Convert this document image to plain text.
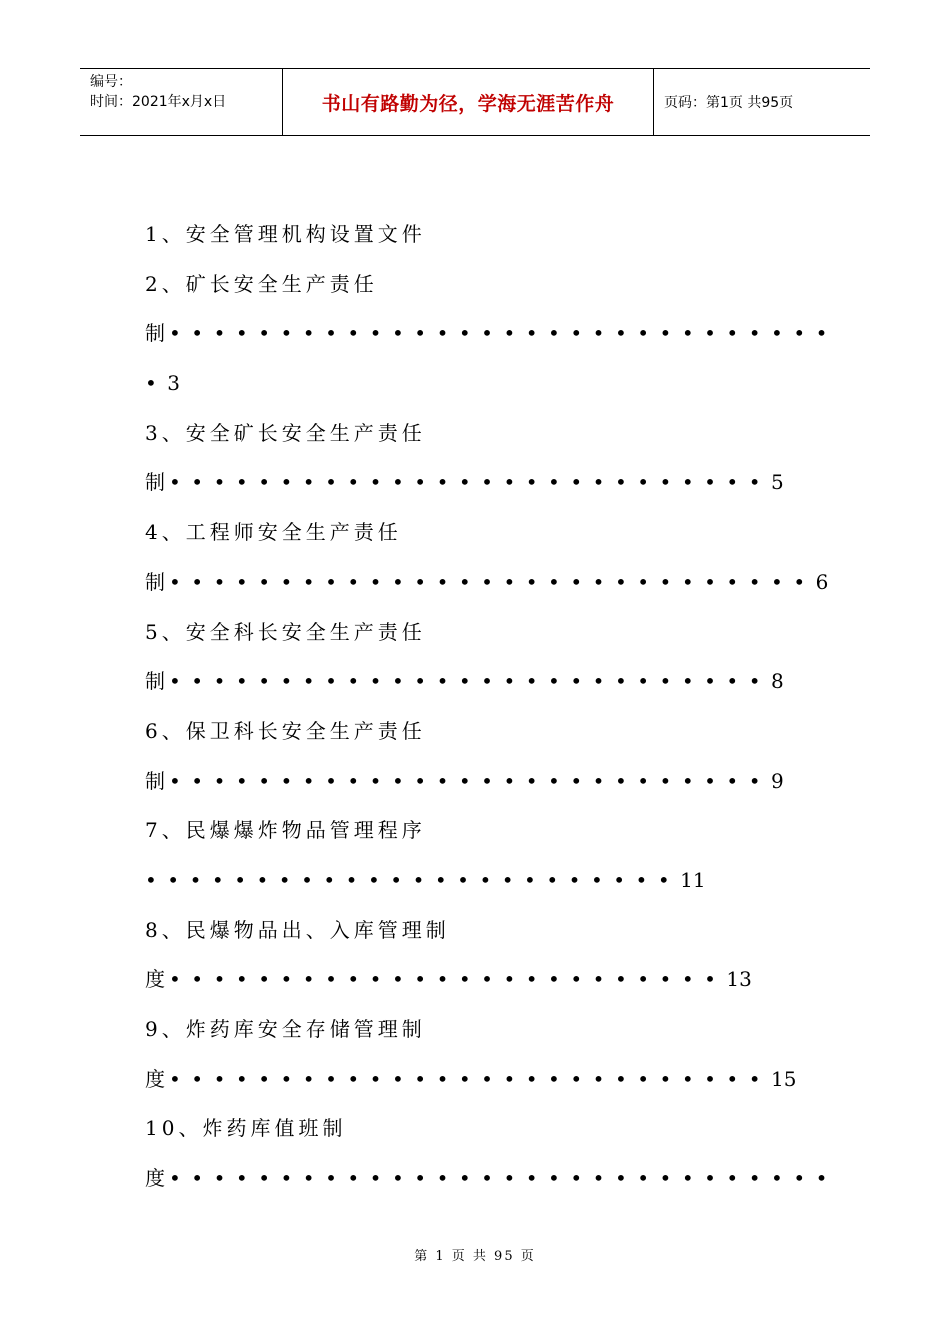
编号：
时间：2021年x月x日	书山有路勤为径，学海无涯苦作舟	页码：第1页 共95页
1、安全管理机构设置文件
2、矿长安全生产责任
制••••••••••••••••••••••••••••••
•3
3、安全矿长安全生产责任
制•••••••••••••••••••••••••••5
4、工程师安全生产责任
制•••••••••••••••••••••••••••••6
5、安全科长安全生产责任
制•••••••••••••••••••••••••••8
6、保卫科长安全生产责任
制•••••••••••••••••••••••••••9
7、民爆爆炸物品管理程序
••••••••••••••••••••••••11
8、民爆物品出、入库管理制
度•••••••••••••••••••••••••13
9、炸药库安全存储管理制
度•••••••••••••••••••••••••••15
10、炸药库值班制
度••••••••••••••••••••••••••••••
第 1 页 共 95 页
